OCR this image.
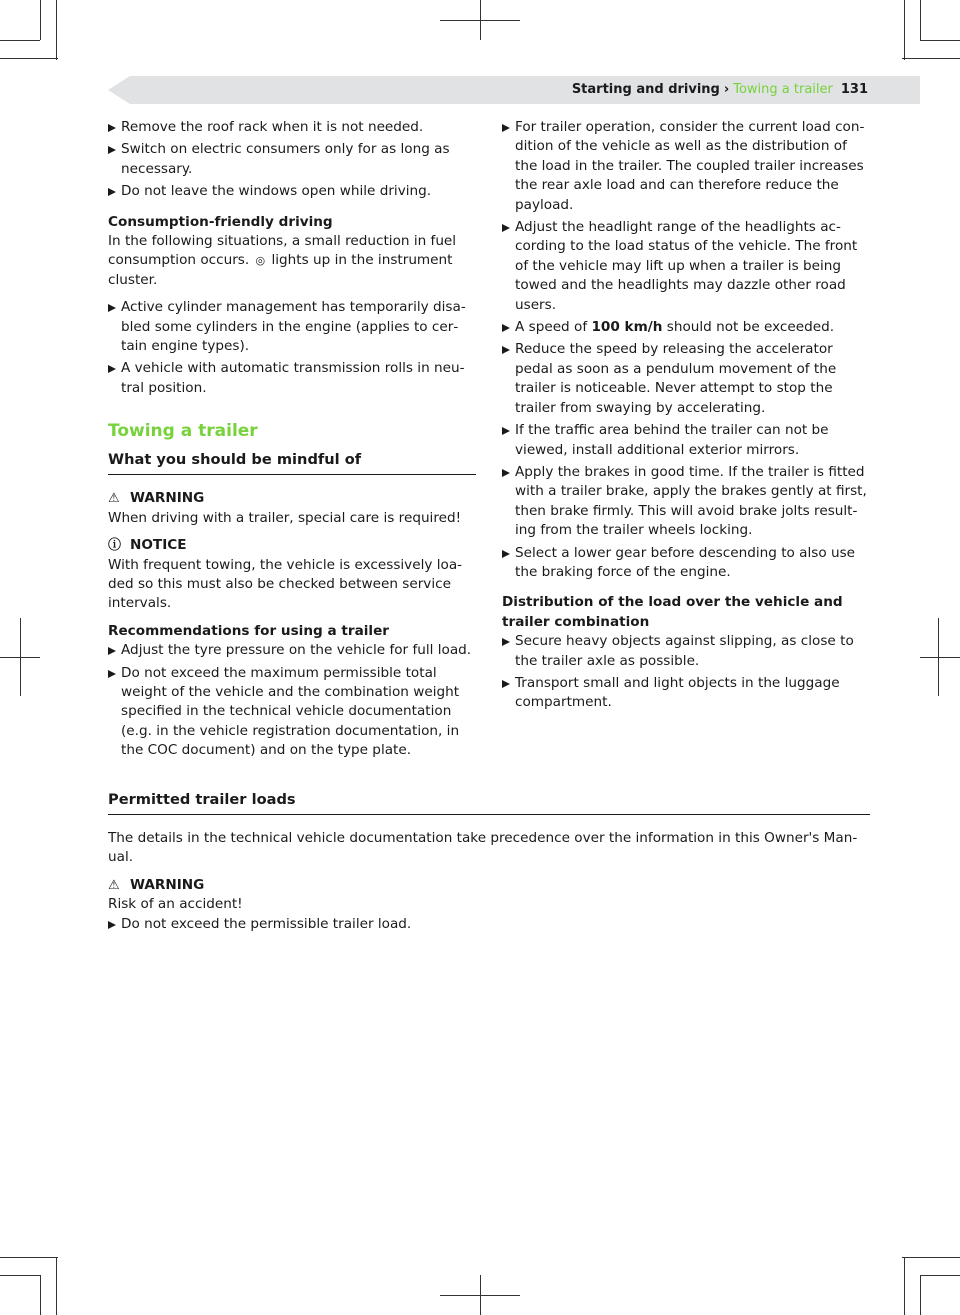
Starting and driving › Towing a trailer 131
Remove the roof rack when it is not needed.
Switch on electric consumers only for as long as necessary.
Do not leave the windows open while driving.

Consumption-friendly driving

In the following situations, a small reduction in fuel consumption occurs. ◎ lights up in the instrument cluster.

Active cylinder management has temporarily disabled some cylinders in the engine (applies to certain engine types).
A vehicle with automatic transmission rolls in neutral position.
Towing a trailer
What you should be mindful of
⚠ WARNING

When driving with a trailer, special care is required!

ⓘ NOTICE

With frequent towing, the vehicle is excessively loaded so this must also be checked between service intervals.

Recommendations for using a trailer

Adjust the tyre pressure on the vehicle for full load.
Do not exceed the maximum permissible total weight of the vehicle and the combination weight specified in the technical vehicle documentation (e.g. in the vehicle registration documentation, in the COC document) and on the type plate.
For trailer operation, consider the current load condition of the vehicle as well as the distribution of the load in the trailer. The coupled trailer increases the rear axle load and can therefore reduce the payload.
Adjust the headlight range of the headlights according to the load status of the vehicle. The front of the vehicle may lift up when a trailer is being towed and the headlights may dazzle other road users.
A speed of 100 km/h should not be exceeded.
Reduce the speed by releasing the accelerator pedal as soon as a pendulum movement of the trailer is noticeable. Never attempt to stop the trailer from swaying by accelerating.
If the traffic area behind the trailer can not be viewed, install additional exterior mirrors.
Apply the brakes in good time. If the trailer is fitted with a trailer brake, apply the brakes gently at first, then brake firmly. This will avoid brake jolts resulting from the trailer wheels locking.
Select a lower gear before descending to also use the braking force of the engine.

Distribution of the load over the vehicle and trailer combination

Secure heavy objects against slipping, as close to the trailer axle as possible.
Transport small and light objects in the luggage compartment.
Permitted trailer loads

The details in the technical vehicle documentation take precedence over the information in this Owner's Manual.

⚠ WARNING

Risk of an accident!

Do not exceed the permissible trailer load.
